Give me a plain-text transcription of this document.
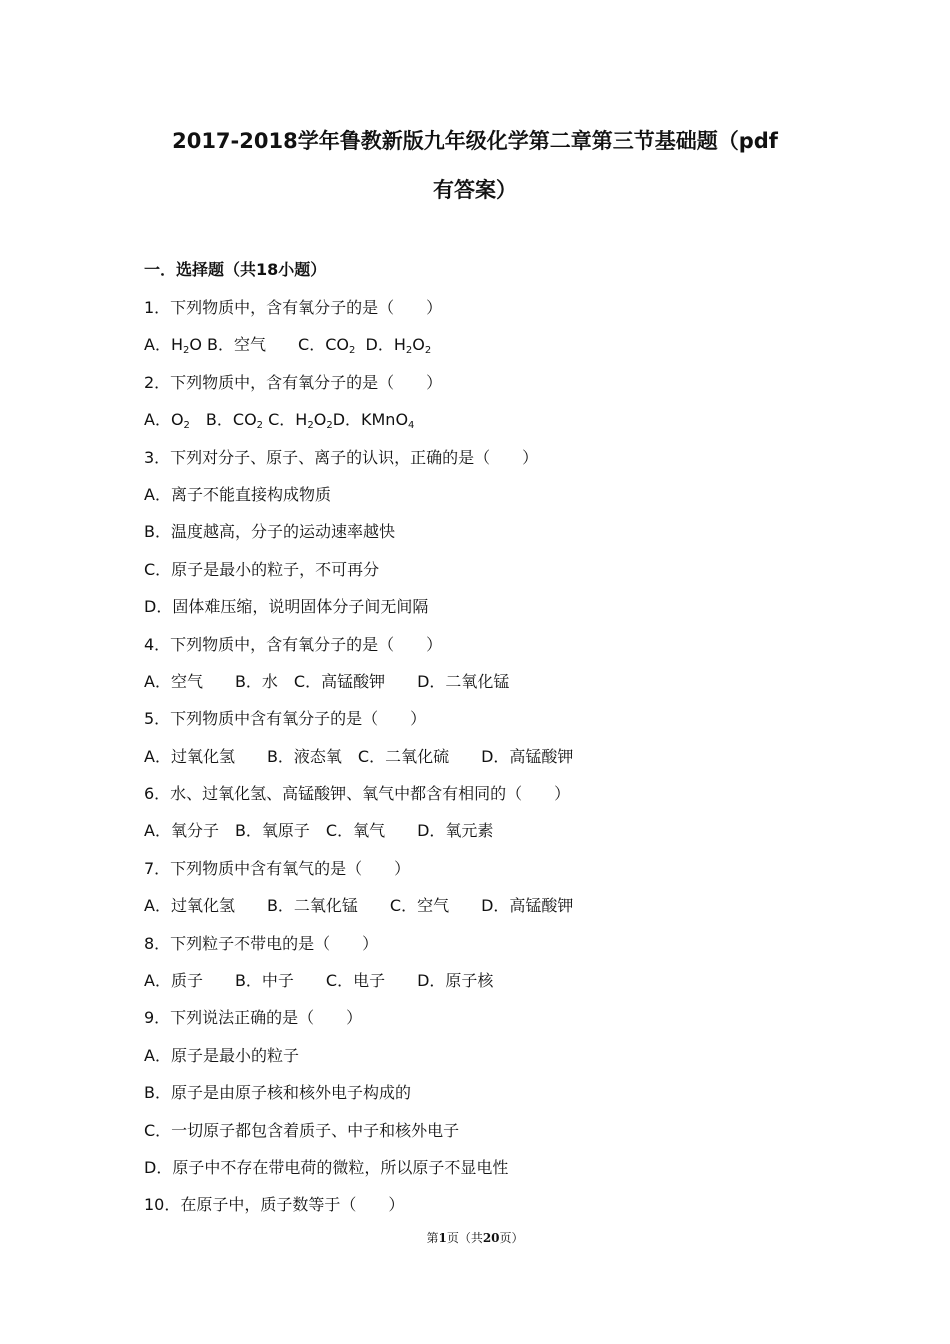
2017-2018学年鲁教新版九年级化学第二章第三节基础题（pdf
有答案）
一．选择题（共18小题）
1．下列物质中，含有氧分子的是（　　）
A．$H_2O$ B．空气　　C．$CO_2$  D．$H_2O_2$
2．下列物质中，含有氧分子的是（　　）
A．$O_2$　B．$CO_2$ C．$H_2O_2D$．KMnO$_4$
3．下列对分子、原子、离子的认识，正确的是（　　）
A．离子不能直接构成物质
B．温度越高，分子的运动速率越快
C．原子是最小的粒子，不可再分
D．固体难压缩，说明固体分子间无间隔
4．下列物质中，含有氧分子的是（　　）
A．空气　　B．水　C．高锰酸钾　　D．二氧化锰
5．下列物质中含有氧分子的是（　　）
A．过氧化氢　　B．液态氧　C．二氧化硫　　D．高锰酸钾
6．水、过氧化氢、高锰酸钾、氧气中都含有相同的（　　）
A．氧分子　B．氧原子　C．氧气　　D．氧元素
7．下列物质中含有氧气的是（　　）
A．过氧化氢　　B．二氧化锰　　C．空气　　D．高锰酸钾
8．下列粒子不带电的是（　　）
A．质子　　B．中子　　C．电子　　D．原子核
9．下列说法正确的是（　　）
A．原子是最小的粒子
B．原子是由原子核和核外电子构成的
C．一切原子都包含着质子、中子和核外电子
D．原子中不存在带电荷的微粒，所以原子不显电性
10．在原子中，质子数等于（　　）
第1页（共20页）
